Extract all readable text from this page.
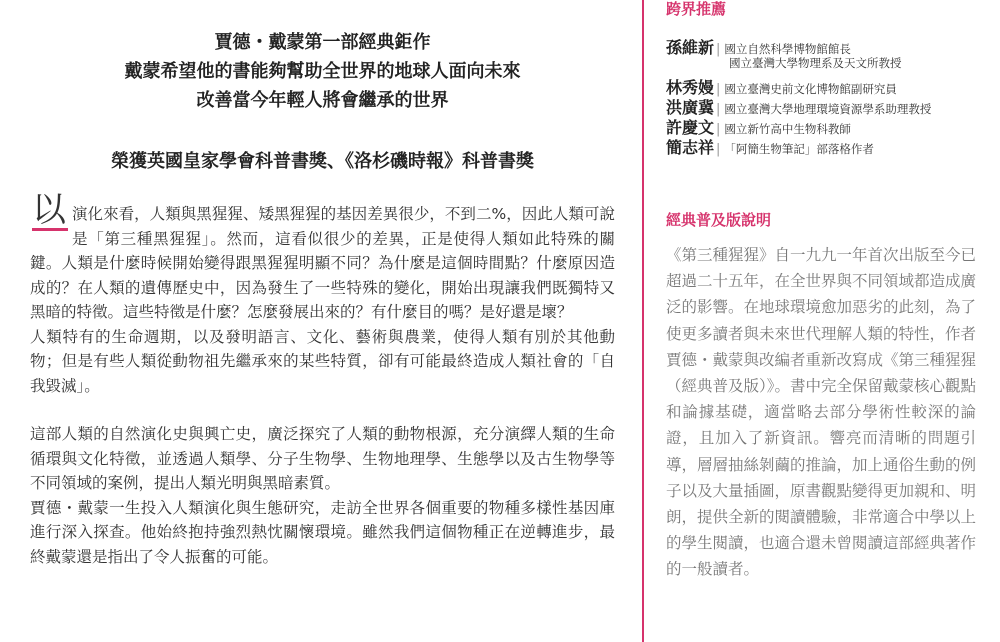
賈德・戴蒙第一部經典鉅作

戴蒙希望他的書能夠幫助全世界的地球人面向未來

改善當今年輕人將會繼承的世界

榮獲英國皇家學會科普書獎、《洛杉磯時報》科普書獎

以 演化來看，人類與黑猩猩、矮黑猩猩的基因差異很少，不到二%，因此人類可說是「第三種黑猩猩」。然而，這看似很少的差異，正是使得人類如此特殊的關鍵。人類是什麼時候開始變得跟黑猩猩明顯不同？為什麼是這個時間點？什麼原因造成的？在人類的遺傳歷史中，因為發生了一些特殊的變化，開始出現讓我們既獨特又黑暗的特徵。這些特徵是什麼？怎麼發展出來的？有什麼目的嗎？是好還是壞？

人類特有的生命週期，以及發明語言、文化、藝術與農業，使得人類有別於其他動物；但是有些人類從動物祖先繼承來的某些特質，卻有可能最終造成人類社會的「自我毀滅」。

這部人類的自然演化史與興亡史，廣泛探究了人類的動物根源，充分演繹人類的生命循環與文化特徵，並透過人類學、分子生物學、生物地理學、生態學以及古生物學等不同領域的案例，提出人類光明與黑暗素質。

賈德・戴蒙一生投入人類演化與生態研究，走訪全世界各個重要的物種多樣性基因庫進行深入探查。他始終抱持強烈熱忱關懷環境。雖然我們這個物種正在逆轉進步，最終戴蒙還是指出了令人振奮的可能。

跨界推薦

孫維新 | 國立自然科學博物館館長
國立臺灣大學物理系及天文所教授
林秀嫚 | 國立臺灣史前文化博物館副研究員
洪廣冀 | 國立臺灣大學地理環境資源學系助理教授
許慶文 | 國立新竹高中生物科教師
簡志祥 | 「阿簡生物筆記」部落格作者

經典普及版說明

《第三種猩猩》自一九九一年首次出版至今已超過二十五年，在全世界與不同領域都造成廣泛的影響。在地球環境愈加惡劣的此刻，為了使更多讀者與未來世代理解人類的特性，作者賈德・戴蒙與改編者重新改寫成《第三種猩猩（經典普及版）》。書中完全保留戴蒙核心觀點和論據基礎，適當略去部分學術性較深的論證，且加入了新資訊。響亮而清晰的問題引導，層層抽絲剝繭的推論，加上通俗生動的例子以及大量插圖，原書觀點變得更加親和、明朗，提供全新的閱讀體驗，非常適合中學以上的學生閱讀，也適合還未曾閱讀這部經典著作的一般讀者。
